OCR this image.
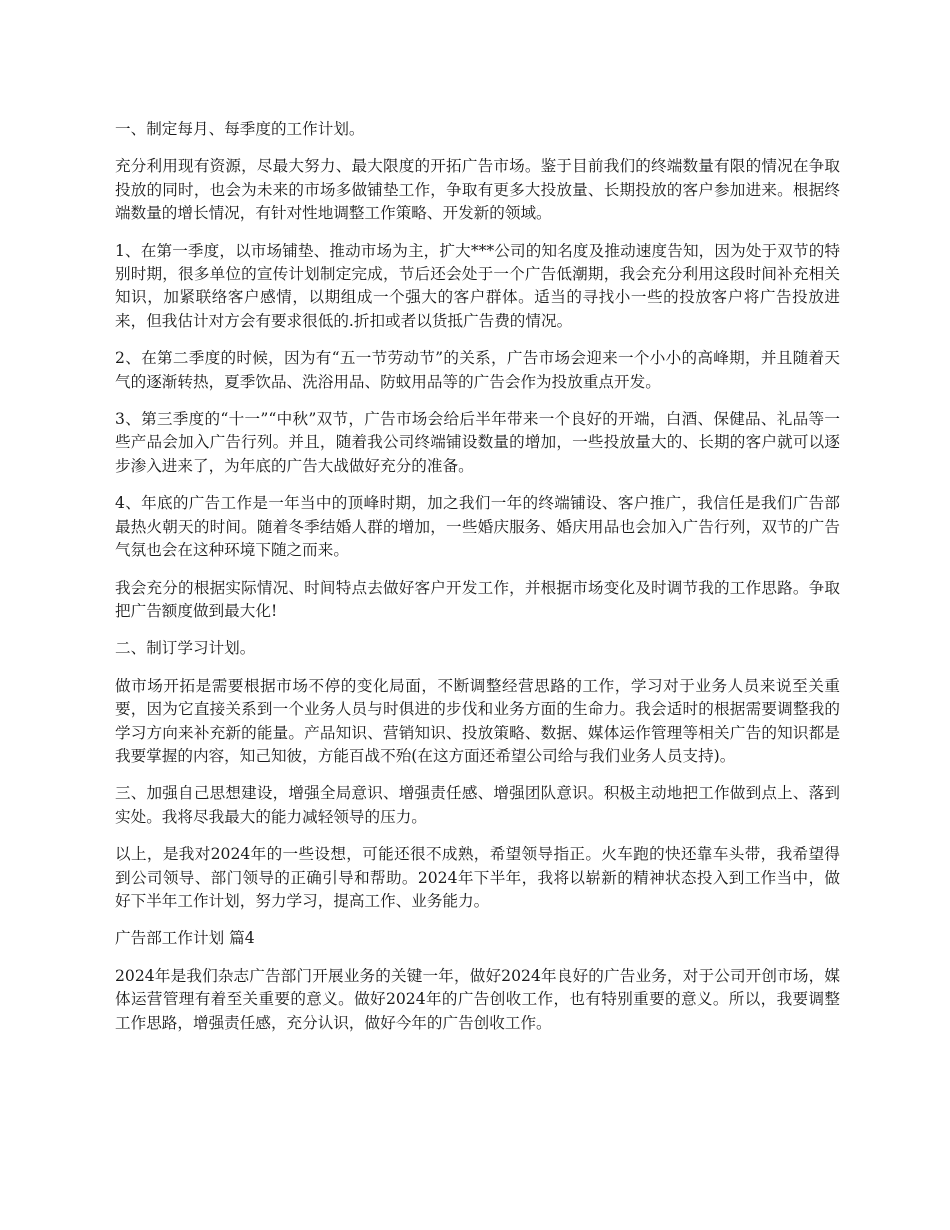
一、制定每月、每季度的工作计划。

充分利用现有资源，尽最大努力、最大限度的开拓广告市场。鉴于目前我们的终端数量有限的情况在争取投放的同时，也会为未来的市场多做铺垫工作，争取有更多大投放量、长期投放的客户参加进来。根据终端数量的增长情况，有针对性地调整工作策略、开发新的领域。

1、在第一季度，以市场铺垫、推动市场为主，扩大***公司的知名度及推动速度告知，因为处于双节的特别时期，很多单位的宣传计划制定完成，节后还会处于一个广告低潮期，我会充分利用这段时间补充相关知识，加紧联络客户感情，以期组成一个强大的客户群体。适当的寻找小一些的投放客户将广告投放进来，但我估计对方会有要求很低的.折扣或者以货抵广告费的情况。

2、在第二季度的时候，因为有“五一节劳动节”的关系，广告市场会迎来一个小小的高峰期，并且随着天气的逐渐转热，夏季饮品、洗浴用品、防蚊用品等的广告会作为投放重点开发。

3、第三季度的“十一”“中秋”双节，广告市场会给后半年带来一个良好的开端，白酒、保健品、礼品等一些产品会加入广告行列。并且，随着我公司终端铺设数量的增加，一些投放量大的、长期的客户就可以逐步渗入进来了，为年底的广告大战做好充分的准备。

4、年底的广告工作是一年当中的顶峰时期，加之我们一年的终端铺设、客户推广，我信任是我们广告部最热火朝天的时间。随着冬季结婚人群的增加，一些婚庆服务、婚庆用品也会加入广告行列，双节的广告气氛也会在这种环境下随之而来。

我会充分的根据实际情况、时间特点去做好客户开发工作，并根据市场变化及时调节我的工作思路。争取把广告额度做到最大化!

二、制订学习计划。

做市场开拓是需要根据市场不停的变化局面，不断调整经营思路的工作，学习对于业务人员来说至关重要，因为它直接关系到一个业务人员与时俱进的步伐和业务方面的生命力。我会适时的根据需要调整我的学习方向来补充新的能量。产品知识、营销知识、投放策略、数据、媒体运作管理等相关广告的知识都是我要掌握的内容，知己知彼，方能百战不殆(在这方面还希望公司给与我们业务人员支持)。

三、加强自己思想建设，增强全局意识、增强责任感、增强团队意识。积极主动地把工作做到点上、落到实处。我将尽我最大的能力减轻领导的压力。

以上，是我对2024年的一些设想，可能还很不成熟，希望领导指正。火车跑的快还靠车头带，我希望得到公司领导、部门领导的正确引导和帮助。2024年下半年，我将以崭新的精神状态投入到工作当中，做好下半年工作计划，努力学习，提高工作、业务能力。

广告部工作计划 篇4

2024年是我们杂志广告部门开展业务的关键一年，做好2024年良好的广告业务，对于公司开创市场，媒体运营管理有着至关重要的意义。做好2024年的广告创收工作，也有特别重要的意义。所以，我要调整工作思路，增强责任感，充分认识，做好今年的广告创收工作。
